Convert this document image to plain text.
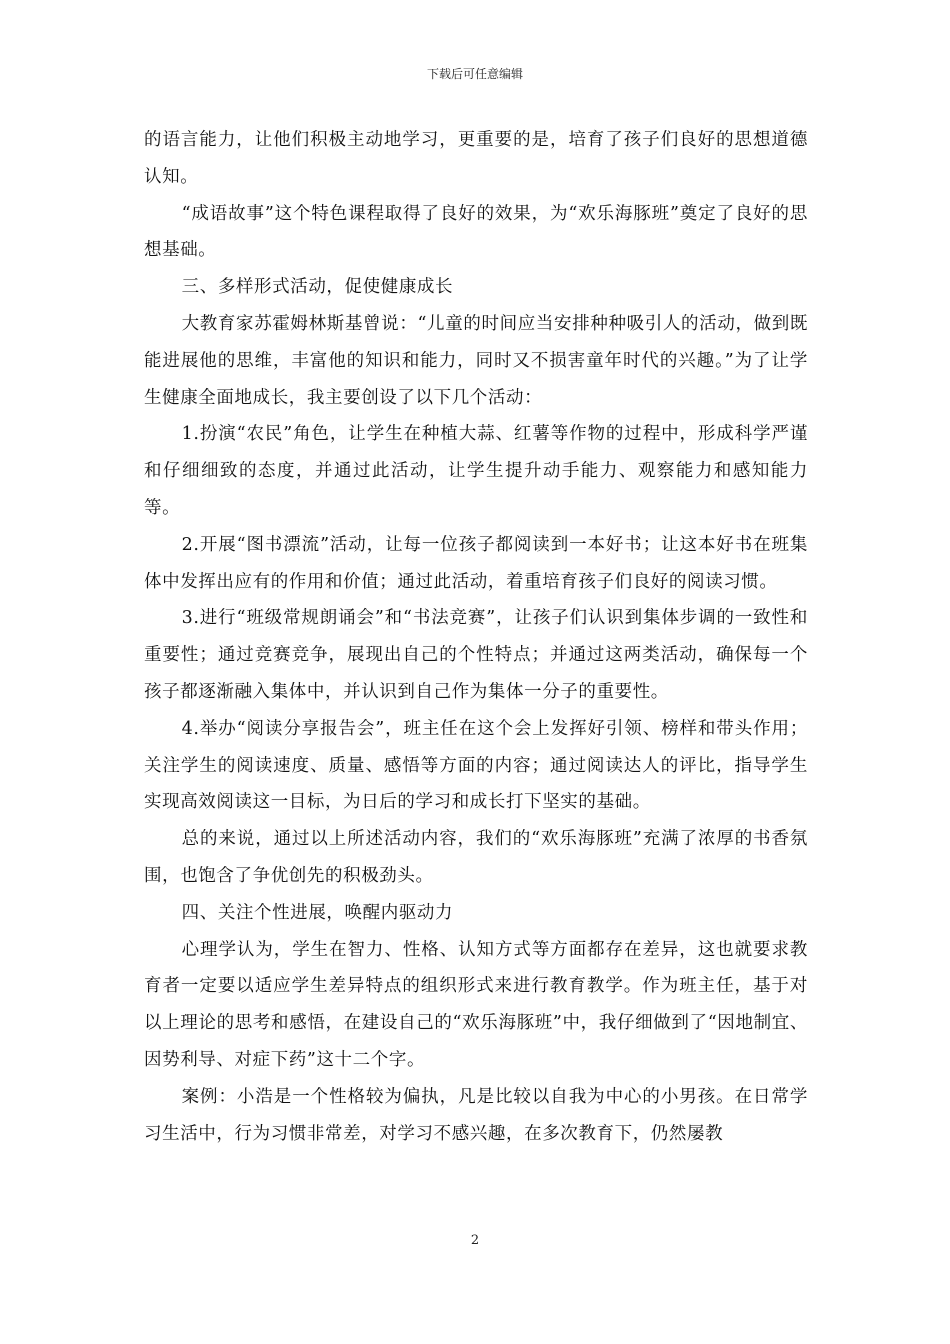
下载后可任意编辑

的语言能力，让他们积极主动地学习，更重要的是，培育了孩子们良好的思想道德认知。

“成语故事”这个特色课程取得了良好的效果，为“欢乐海豚班”奠定了良好的思想基础。

三、多样形式活动，促使健康成长

大教育家苏霍姆林斯基曾说：“儿童的时间应当安排种种吸引人的活动，做到既能进展他的思维，丰富他的知识和能力，同时又不损害童年时代的兴趣。”为了让学生健康全面地成长，我主要创设了以下几个活动：

1.扮演“农民”角色，让学生在种植大蒜、红薯等作物的过程中，形成科学严谨和仔细细致的态度，并通过此活动，让学生提升动手能力、观察能力和感知能力等。

2.开展“图书漂流”活动，让每一位孩子都阅读到一本好书；让这本好书在班集体中发挥出应有的作用和价值；通过此活动，着重培育孩子们良好的阅读习惯。

3.进行“班级常规朗诵会”和“书法竞赛”，让孩子们认识到集体步调的一致性和重要性；通过竞赛竞争，展现出自己的个性特点；并通过这两类活动，确保每一个孩子都逐渐融入集体中，并认识到自己作为集体一分子的重要性。

4.举办“阅读分享报告会”，班主任在这个会上发挥好引领、榜样和带头作用；关注学生的阅读速度、质量、感悟等方面的内容；通过阅读达人的评比，指导学生实现高效阅读这一目标，为日后的学习和成长打下坚实的基础。

总的来说，通过以上所述活动内容，我们的“欢乐海豚班”充满了浓厚的书香氛围，也饱含了争优创先的积极劲头。

四、关注个性进展，唤醒内驱动力

心理学认为，学生在智力、性格、认知方式等方面都存在差异，这也就要求教育者一定要以适应学生差异特点的组织形式来进行教育教学。作为班主任，基于对以上理论的思考和感悟，在建设自己的“欢乐海豚班”中，我仔细做到了“因地制宜、因势利导、对症下药”这十二个字。

案例：小浩是一个性格较为偏执，凡是比较以自我为中心的小男孩。在日常学习生活中，行为习惯非常差，对学习不感兴趣，在多次教育下，仍然屡教

2
